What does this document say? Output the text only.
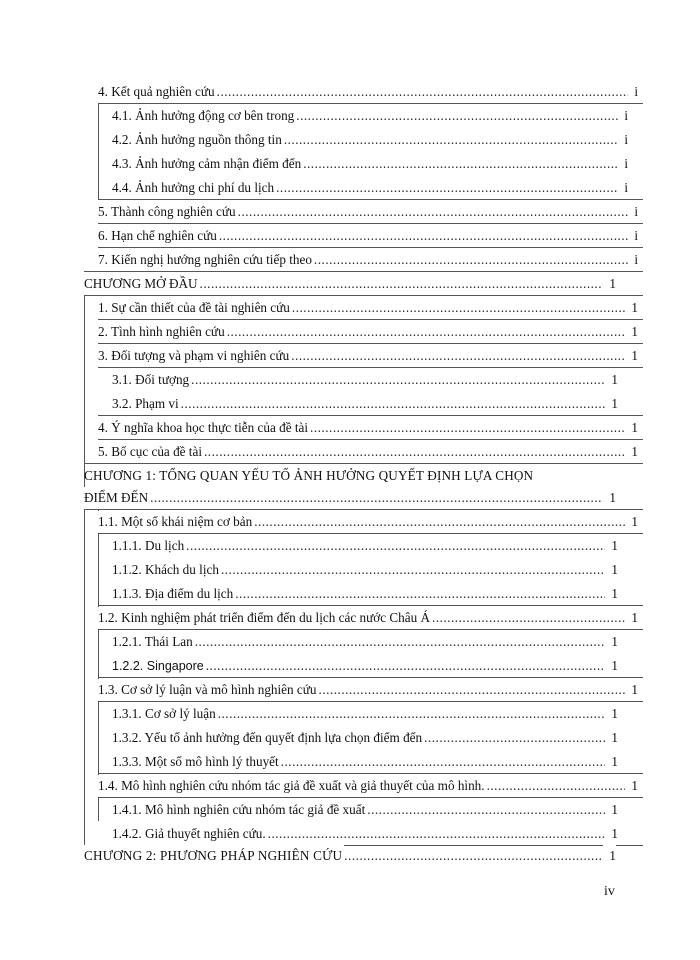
4. Kết quả nghiên cứu .....	i
4.1. Ảnh hưởng động cơ bên trong .....	i
4.2. Ảnh hưởng nguồn thông tin .....	i
4.3. Ảnh hưởng cảm nhận điểm đến .....	i
4.4. Ảnh hưởng chi phí du lịch .....	i
5. Thành công nghiên cứu .....	i
6. Hạn chế nghiên cứu .....	i
7. Kiến nghị hướng nghiên cứu tiếp theo .....	i
CHƯƠNG MỞ ĐẦU .....	1
1. Sự cần thiết của đề tài nghiên cứu .....	1
2. Tình hình nghiên cứu .....	1
3. Đối tượng và phạm vi nghiên cứu .....	1
3.1. Đối tượng .....	1
3.2. Phạm vi .....	1
4. Ý nghĩa khoa học thực tiễn của đề tài .....	1
5. Bố cục của đề tài .....	1
CHƯƠNG 1: TỔNG QUAN YẾU TỐ ẢNH HƯỞNG QUYẾT ĐỊNH LỰA CHỌN
ĐIỂM ĐẾN .....	1
1.1. Một số khái niệm cơ bản .....	1
1.1.1. Du lịch .....	1
1.1.2. Khách du lịch .....	1
1.1.3. Địa điểm du lịch .....	1
1.2. Kinh nghiệm phát triển điểm đến du lịch các nước Châu Á .....	1
1.2.1. Thái Lan .....	1
1.2.2. Singapore .....	1
1.3. Cơ sở lý luận và mô hình nghiên cứu .....	1
1.3.1. Cơ sở lý luận .....	1
1.3.2. Yếu tố ảnh hưởng đến quyết định lựa chọn điểm đến .....	1
1.3.3. Một số mô hình lý thuyết .....	1
1.4. Mô hình nghiên cứu nhóm tác giả đề xuất và giả thuyết của mô hình. .....	1
1.4.1. Mô hình nghiên cứu nhóm tác giả đề xuất .....	1
1.4.2. Giả thuyết nghiên cứu. .....	1
CHƯƠNG 2: PHƯƠNG PHÁP NGHIÊN CỨU .....	1
iv
